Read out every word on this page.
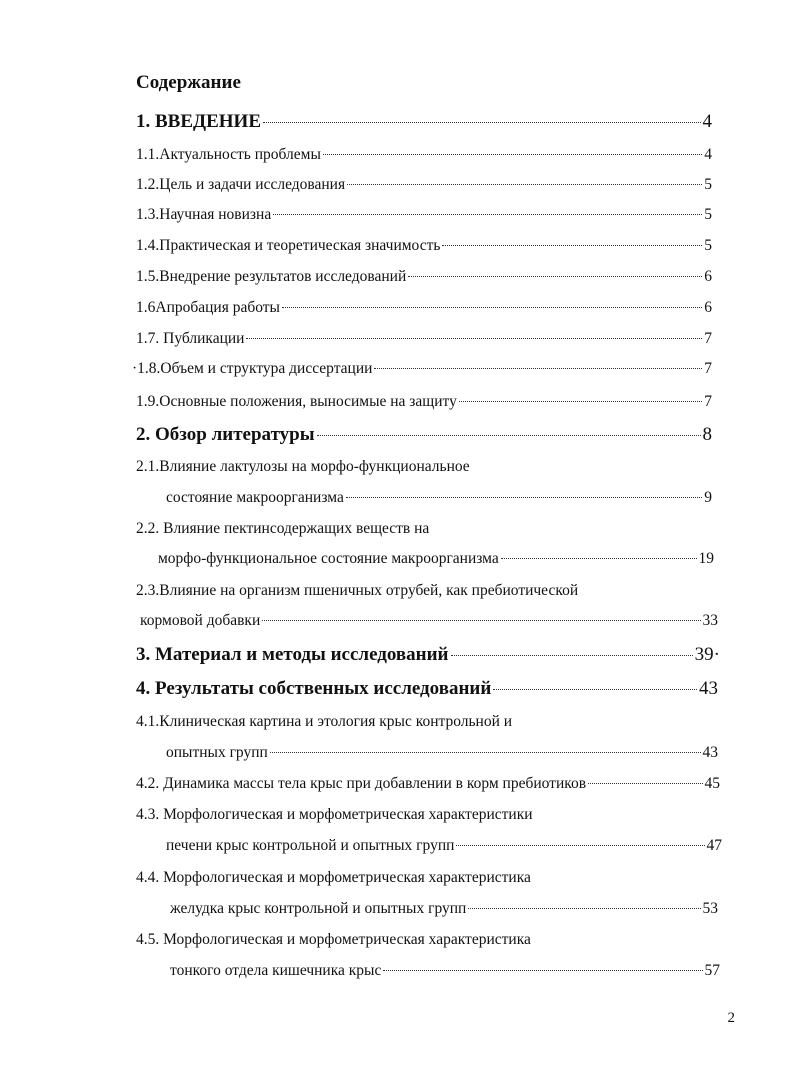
Содержание
1. ВВЕДЕНИЕ	4
1.1.Актуальность проблемы	4
1.2.Цель и задачи исследования	5
1.3.Научная новизна	5
1.4.Практическая и теоретическая значимость	5
1.5.Внедрение результатов исследований	6
1.6Апробация работы	6
1.7. Публикации	7
·1.8.Объем и структура диссертации	7
1.9.Основные положения, выносимые на защиту	7
2. Обзор литературы	8

2.1.Влияние лактулозы на морфо-функциональное

состояние макроорганизма	9

2.2. Влияние пектинсодержащих веществ на

морфо-функциональное состояние макроорганизма	19

2.3.Влияние на организм пшеничных отрубей, как пребиотической

кормовой добавки	33
3. Материал и методы исследований	39·
4. Результаты собственных исследований	43

4.1.Клиническая картина и этология крыс контрольной и

опытных групп	43
4.2. Динамика массы тела крыс при добавлении в корм пребиотиков	45

4.3. Морфологическая и морфометрическая характеристики

печени крыс контрольной и опытных групп	47

4.4. Морфологическая и морфометрическая характеристика

желудка крыс контрольной и опытных групп	53

4.5. Морфологическая и морфометрическая характеристика

тонкого отдела кишечника крыс	57
2
